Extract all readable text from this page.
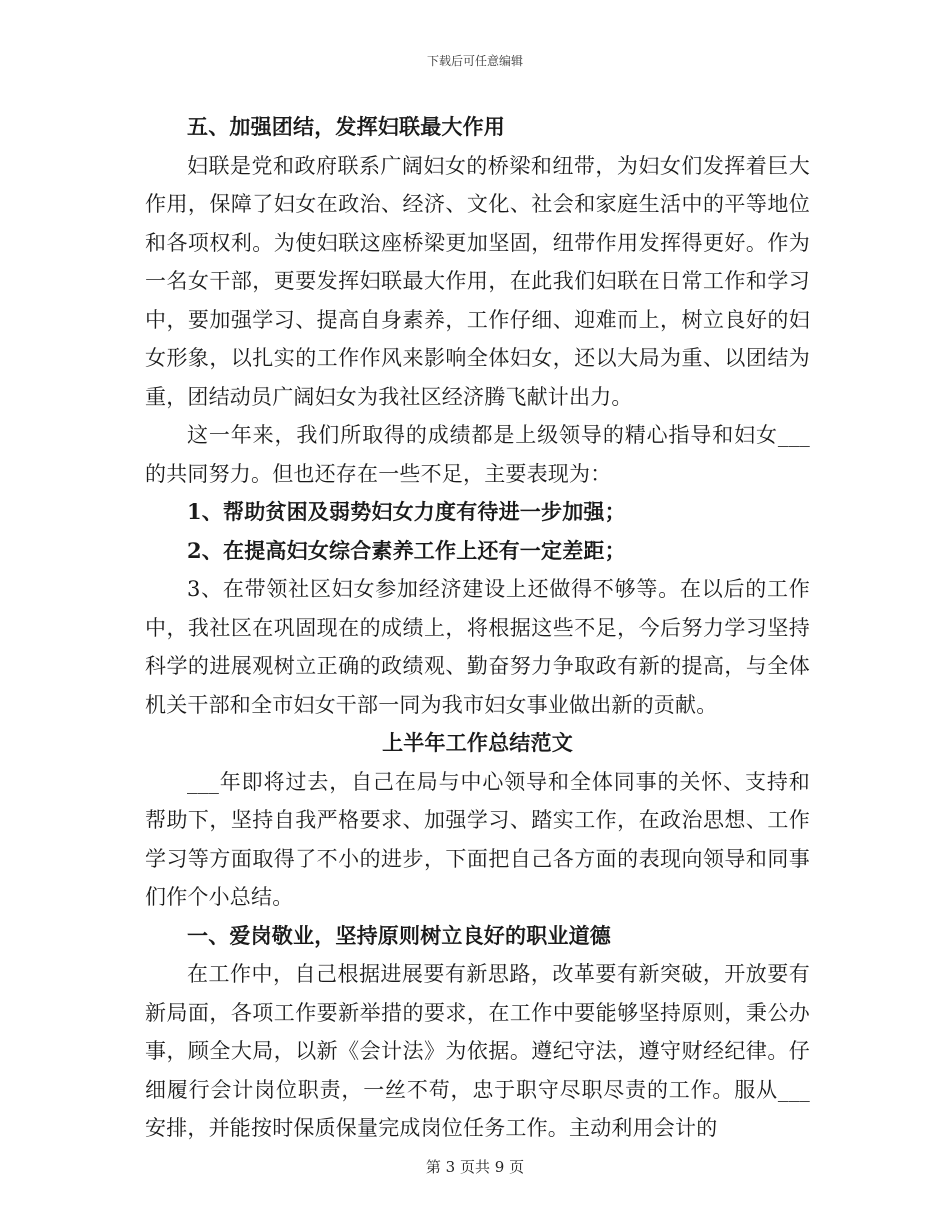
下载后可任意编辑

五、加强团结，发挥妇联最大作用

妇联是党和政府联系广阔妇女的桥梁和纽带，为妇女们发挥着巨大作用，保障了妇女在政治、经济、文化、社会和家庭生活中的平等地位和各项权利。为使妇联这座桥梁更加坚固，纽带作用发挥得更好。作为一名女干部，更要发挥妇联最大作用，在此我们妇联在日常工作和学习中，要加强学习、提高自身素养，工作仔细、迎难而上，树立良好的妇女形象，以扎实的工作作风来影响全体妇女，还以大局为重、以团结为重，团结动员广阔妇女为我社区经济腾飞献计出力。

这一年来，我们所取得的成绩都是上级领导的精心指导和妇女___的共同努力。但也还存在一些不足，主要表现为：

1、帮助贫困及弱势妇女力度有待进一步加强；

2、在提高妇女综合素养工作上还有一定差距；

3、在带领社区妇女参加经济建设上还做得不够等。在以后的工作中，我社区在巩固现在的成绩上，将根据这些不足，今后努力学习坚持科学的进展观树立正确的政绩观、勤奋努力争取政有新的提高，与全体机关干部和全市妇女干部一同为我市妇女事业做出新的贡献。

上半年工作总结范文

___年即将过去，自己在局与中心领导和全体同事的关怀、支持和帮助下，坚持自我严格要求、加强学习、踏实工作，在政治思想、工作学习等方面取得了不小的进步，下面把自己各方面的表现向领导和同事们作个小总结。

一、爱岗敬业，坚持原则树立良好的职业道德

在工作中，自己根据进展要有新思路，改革要有新突破，开放要有新局面，各项工作要新举措的要求，在工作中要能够坚持原则，秉公办事，顾全大局，以新《会计法》为依据。遵纪守法，遵守财经纪律。仔细履行会计岗位职责，一丝不苟，忠于职守尽职尽责的工作。服从___安排，并能按时保质保量完成岗位任务工作。主动利用会计的

第 3 页共 9 页
